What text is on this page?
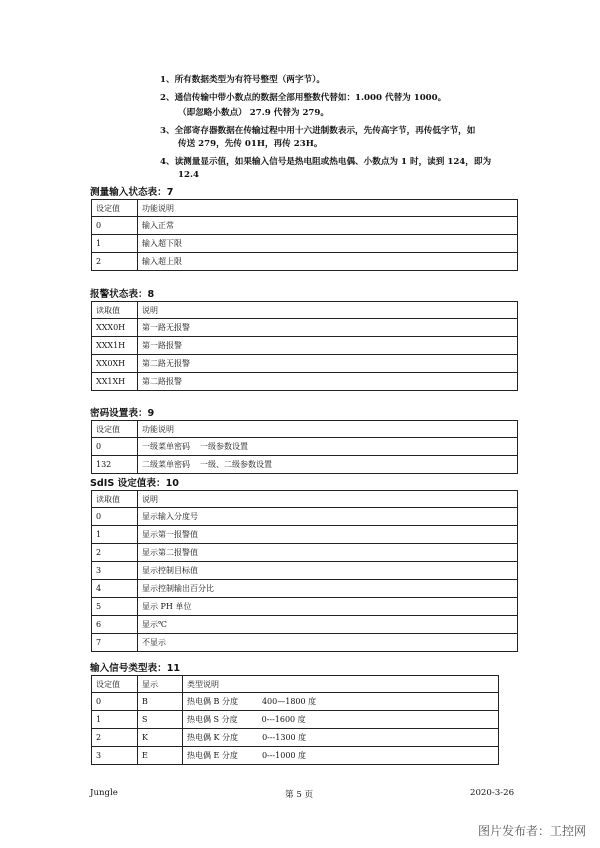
1、所有数据类型为有符号整型（两字节）。
2、通信传输中带小数点的数据全部用整数代替如：1.000 代替为 1000。
（即忽略小数点） 27.9 代替为 279。
3、全部寄存器数据在传输过程中用十六进制数表示，先传高字节，再传低字节，如
传送 279，先传 01H，再传 23H。
4、读测量显示值，如果输入信号是热电阻或热电偶、小数点为 1 时，读到 124，即为
12.4
测量输入状态表：7
设定值	功能说明
0	输入正常
1	输入超下限
2	输入超上限
报警状态表：8
读取值	说明
XXX0H	第一路无报警
XXX1H	第一路报警
XX0XH	第二路无报警
XX1XH	第二路报警
密码设置表：9
设定值	功能说明
0	一级菜单密码 一级参数设置
132	二级菜单密码 一级、二级参数设置
SdIS 设定值表：10
读取值	说明
0	显示输入分度号
1	显示第一报警值
2	显示第二报警值
3	显示控制目标值
4	显示控制输出百分比
5	显示 PH 单位
6	显示℃
7	不显示
输入信号类型表：11
设定值	显示	类型说明
0	B	热电偶 B 分度 400—1800 度
1	S	热电偶 S 分度 0---1600 度
2	K	热电偶 K 分度 0---1300 度
3	E	热电偶 E 分度 0---1000 度
Jungle	第 5 页	2020-3-26
图片发布者：工控网
